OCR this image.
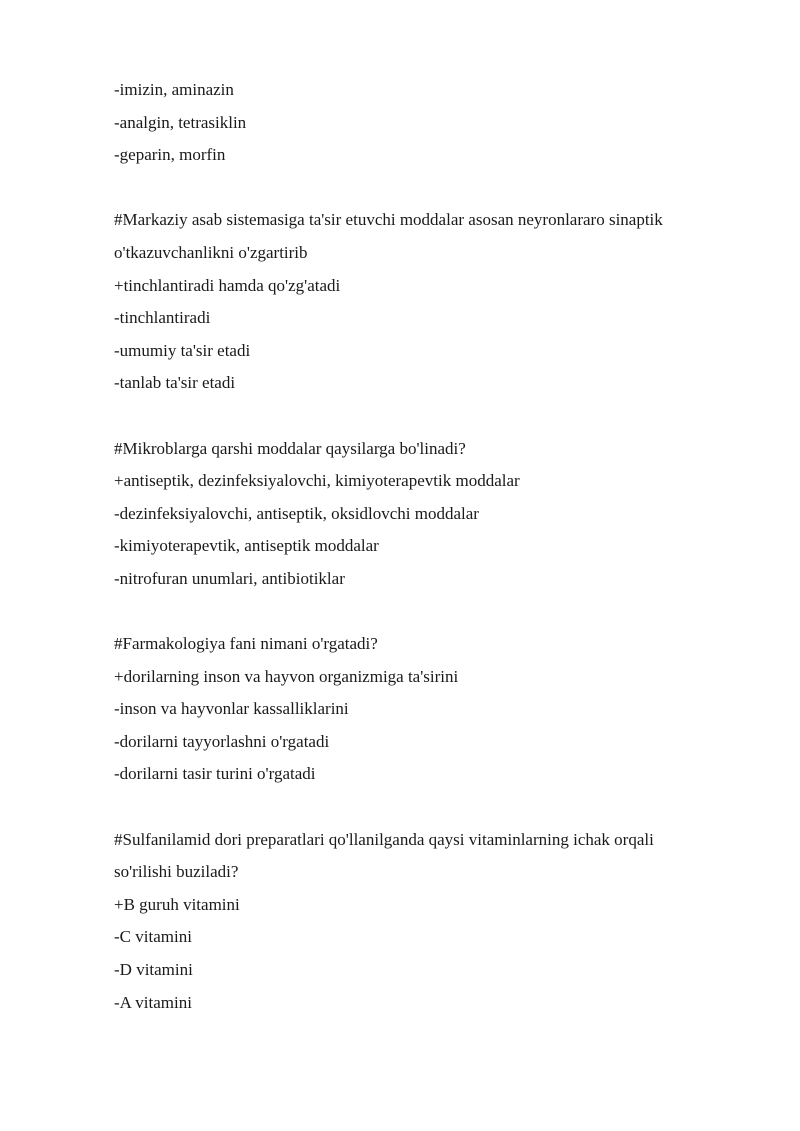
-imizin, aminazin

-analgin, tetrasiklin

-geparin, morfin

#Markaziy asab sistemasiga ta'sir etuvchi moddalar asosan neyronlararo sinaptik

o'tkazuvchanlikni o'zgartirib

+tinchlantiradi hamda qo'zg'atadi

-tinchlantiradi

-umumiy ta'sir etadi

-tanlab ta'sir etadi

#Mikroblarga qarshi moddalar qaysilarga bo'linadi?

+antiseptik, dezinfeksiyalovchi, kimiyoterapevtik moddalar

-dezinfeksiyalovchi, antiseptik, oksidlovchi moddalar

-kimiyoterapevtik, antiseptik moddalar

-nitrofuran unumlari, antibiotiklar

#Farmakologiya fani nimani o'rgatadi?

+dorilarning inson va hayvon organizmiga ta'sirini

-inson va hayvonlar kassalliklarini

-dorilarni tayyorlashni o'rgatadi

-dorilarni tasir turini o'rgatadi

#Sulfanilamid dori preparatlari qo'llanilganda qaysi vitaminlarning ichak orqali

so'rilishi buziladi?

+B guruh vitamini

-C vitamini

-D vitamini

-A vitamini
